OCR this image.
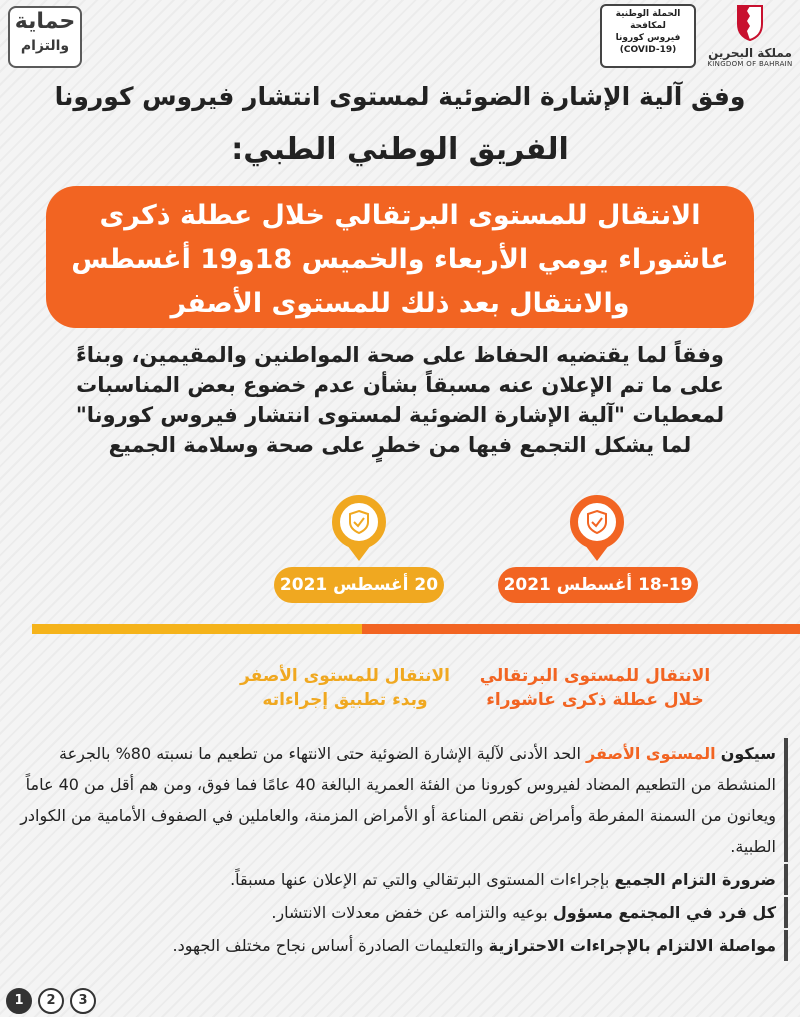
حماية
والتزام
الحملة الوطنية
لمكافحة
فيروس كورونا
(COVID-19)	مملكة البحرين
KINGDOM OF BAHRAIN
وفق آلية الإشارة الضوئية لمستوى انتشار فيروس كورونا
الفريق الوطني الطبي:
الانتقال للمستوى البرتقالي خلال عطلة ذكرى
عاشوراء يومي الأربعاء والخميس 18و19 أغسطس
والانتقال بعد ذلك للمستوى الأصفر
وفقاً لما يقتضيه الحفاظ على صحة المواطنين والمقيمين، وبناءً
على ما تم الإعلان عنه مسبقاً بشأن عدم خضوع بعض المناسبات
لمعطيات "آلية الإشارة الضوئية لمستوى انتشار فيروس كورونا"
لما يشكل التجمع فيها من خطرٍ على صحة وسلامة الجميع
18-19 أغسطس 2021
20 أغسطس 2021
الانتقال للمستوى البرتقالي
خلال عطلة ذكرى عاشوراء
الانتقال للمستوى الأصفر
وبدء تطبيق إجراءاته
سيكون المستوى الأصفر الحد الأدنى لآلية الإشارة الضوئية حتى الانتهاء من تطعيم ما نسبته 80% بالجرعة المنشطة من التطعيم المضاد لفيروس كورونا من الفئة العمرية البالغة 40 عامًا فما فوق، ومن هم أقل من 40 عاماً ويعانون من السمنة المفرطة وأمراض نقص المناعة أو الأمراض المزمنة، والعاملين في الصفوف الأمامية من الكوادر الطبية.
ضرورة التزام الجميع بإجراءات المستوى البرتقالي والتي تم الإعلان عنها مسبقاً.
كل فرد في المجتمع مسؤول بوعيه والتزامه عن خفض معدلات الانتشار.
مواصلة الالتزام بالإجراءات الاحترازية والتعليمات الصادرة أساس نجاح مختلف الجهود.
1 2 3
